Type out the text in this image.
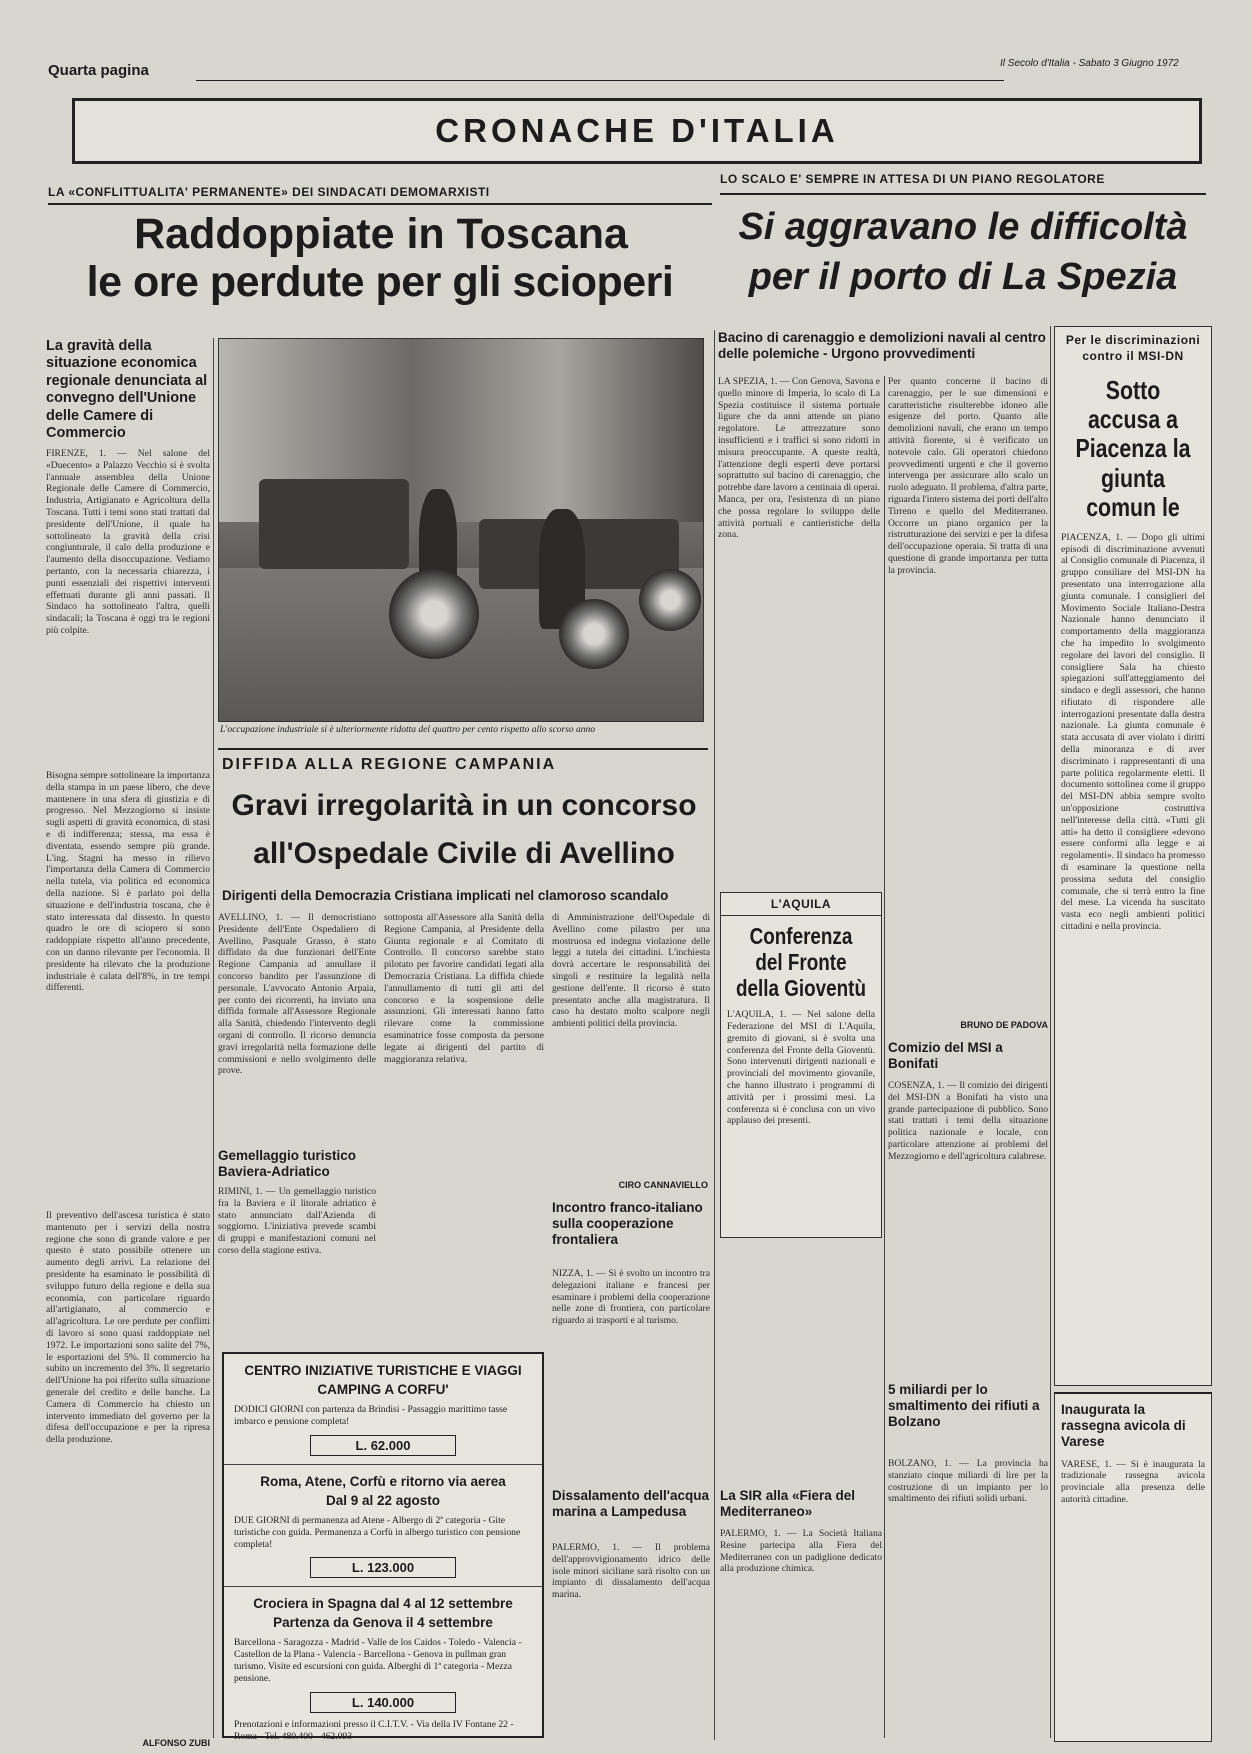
Quarta pagina	Il Secolo d'Italia - Sabato 3 Giugno 1972
CRONACHE D'ITALIA
LA «CONFLITTUALITA' PERMANENTE» DEI SINDACATI DEMOMARXISTI
Raddoppiate in Toscana
le ore perdute per gli scioperi
La gravità della situazione economica regionale denunciata al convegno dell'Unione delle Camere di Commercio
FIRENZE, 1. — Nel salone del «Duecento» a Palazzo Vecchio si è svolta l'annuale assemblea della Unione Regionale delle Camere di Commercio, Industria, Artigianato e Agricoltura della Toscana. Tutti i temi sono stati trattati dal presidente dell'Unione, il quale ha sottolineato la gravità della crisi congiunturale, il calo della produzione e l'aumento della disoccupazione. Vediamo pertanto, con la necessaria chiarezza, i punti essenziali dei rispettivi interventi effettuati durante gli anni passati. Il Sindaco ha sottolineato l'altra, quelli sindacali; la Toscana è oggi tra le regioni più colpite.
Bisogna sempre sottolineare la importanza della stampa in un paese libero, che deve mantenere in una sfera di giustizia e di progresso. Nel Mezzogiorno si insiste sugli aspetti di gravità economica, di stasi e di indifferenza; stessa, ma essa è diventata, essendo sempre più grande. L'ing. Stagni ha messo in rilievo l'importanza della Camera di Commercio nella tutela, via politica ed economica della nazione. Si è parlato poi della situazione e dell'industria toscana, che è stato interessata dal dissesto. In questo quadro le ore di sciopero si sono raddoppiate rispetto all'anno precedente, con un danno rilevante per l'economia. Il presidente ha rilevato che la produzione industriale è calata dell'8%, in tre tempi differenti.
Il preventivo dell'ascesa turistica è stato mantenuto per i servizi della nostra regione che sono di grande valore e per questo è stato possibile ottenere un aumento degli arrivi. La relazione del presidente ha esaminato le possibilità di sviluppo futuro della regione e della sua economia, con particolare riguardo all'artigianato, al commercio e all'agricoltura. Le ore perdute per conflitti di lavoro si sono quasi raddoppiate nel 1972. Le importazioni sono salite del 7%, le esportazioni del 5%. Il commercio ha subito un incremento del 3%. Il segretario dell'Unione ha poi riferito sulla situazione generale del credito e delle banche. La Camera di Commercio ha chiesto un intervento immediato del governo per la difesa dell'occupazione e per la ripresa della produzione.
ALFONSO ZUBI
L'occupazione industriale si è ulteriormente ridotta del quattro per cento rispetto allo scorso anno
LO SCALO E' SEMPRE IN ATTESA DI UN PIANO REGOLATORE
Si aggravano le difficoltà
per il porto di La Spezia
Bacino di carenaggio e demolizioni navali al centro delle polemiche - Urgono provvedimenti
LA SPEZIA, 1. — Con Genova, Savona e quello minore di Imperia, lo scalo di La Spezia costituisce il sistema portuale ligure che da anni attende un piano regolatore. Le attrezzature sono insufficienti e i traffici si sono ridotti in misura preoccupante. A queste realtà, l'attenzione degli esperti deve portarsi soprattutto sul bacino di carenaggio, che potrebbe dare lavoro a centinaia di operai. Manca, per ora, l'esistenza di un piano che possa regolare lo sviluppo delle attività portuali e cantieristiche della zona.
Per quanto concerne il bacino di carenaggio, per le sue dimensioni e caratteristiche risulterebbe idoneo alle esigenze del porto. Quanto alle demolizioni navali, che erano un tempo attività fiorente, si è verificato un notevole calo. Gli operatori chiedono provvedimenti urgenti e che il governo intervenga per assicurare allo scalo un ruolo adeguato. Il problema, d'altra parte, riguarda l'intero sistema dei porti dell'alto Tirreno e quello del Mediterraneo. Occorre un piano organico per la ristrutturazione dei servizi e per la difesa dell'occupazione operaia. Si tratta di una questione di grande importanza per tutta la provincia.
BRUNO DE PADOVA
Per le discriminazioni contro il MSI-DN
Sotto accusa a Piacenza la giunta comun le
PIACENZA, 1. — Dopo gli ultimi episodi di discriminazione avvenuti al Consiglio comunale di Piacenza, il gruppo consiliare del MSI-DN ha presentato una interrogazione alla giunta comunale. I consiglieri del Movimento Sociale Italiano-Destra Nazionale hanno denunciato il comportamento della maggioranza che ha impedito lo svolgimento regolare dei lavori del consiglio. Il consigliere Sala ha chiesto spiegazioni sull'atteggiamento del sindaco e degli assessori, che hanno rifiutato di rispondere alle interrogazioni presentate dalla destra nazionale. La giunta comunale è stata accusata di aver violato i diritti della minoranza e di aver discriminato i rappresentanti di una parte politica regolarmente eletti. Il documento sottolinea come il gruppo del MSI-DN abbia sempre svolto un'opposizione costruttiva nell'interesse della città. «Tutti gli atti» ha detto il consigliere «devono essere conformi alla legge e ai regolamenti». Il sindaco ha promesso di esaminare la questione nella prossima seduta del consiglio comunale, che si terrà entro la fine del mese. La vicenda ha suscitato vasta eco negli ambienti politici cittadini e nella provincia.
Inaugurata la rassegna avicola di Varese
VARESE, 1. — Si è inaugurata la tradizionale rassegna avicola provinciale alla presenza delle autorità cittadine.
DIFFIDA ALLA REGIONE CAMPANIA
Gravi irregolarità in un concorso
all'Ospedale Civile di Avellino
Dirigenti della Democrazia Cristiana implicati nel clamoroso scandalo
AVELLINO, 1. — Il democristiano Presidente dell'Ente Ospedaliero di Avellino, Pasquale Grasso, è stato diffidato da due funzionari dell'Ente Regione Campania ad annullare il concorso bandito per l'assunzione di personale. L'avvocato Antonio Arpaia, per conto dei ricorrenti, ha inviato una diffida formale all'Assessore Regionale alla Sanità, chiedendo l'intervento degli organi di controllo. Il ricorso denuncia gravi irregolarità nella formazione delle commissioni e nello svolgimento delle prove.
sottoposta all'Assessore alla Sanità della Regione Campania, al Presidente della Giunta regionale e al Comitato di Controllo. Il concorso sarebbe stato pilotato per favorire candidati legati alla Democrazia Cristiana. La diffida chiede l'annullamento di tutti gli atti del concorso e la sospensione delle assunzioni. Gli interessati hanno fatto rilevare come la commissione esaminatrice fosse composta da persone legate ai dirigenti del partito di maggioranza relativa.
di Amministrazione dell'Ospedale di Avellino come pilastro per una mostruosa ed indegna violazione delle leggi a tutela dei cittadini. L'inchiesta dovrà accertare le responsabilità dei singoli e restituire la legalità nella gestione dell'ente. Il ricorso è stato presentato anche alla magistratura. Il caso ha destato molto scalpore negli ambienti politici della provincia.
CIRO CANNAVIELLO
Gemellaggio turistico Baviera-Adriatico
RIMINI, 1. — Un gemellaggio turistico fra la Baviera e il litorale adriatico è stato annunciato dall'Azienda di soggiorno. L'iniziativa prevede scambi di gruppi e manifestazioni comuni nel corso della stagione estiva.
CENTRO INIZIATIVE TURISTICHE E VIAGGI
CAMPING A CORFU'
DODICI GIORNI con partenza da Brindisi - Passaggio marittimo tasse imbarco e pensione completa!
L. 62.000
Roma, Atene, Corfù e ritorno via aerea
Dal 9 al 22 agosto
DUE GIORNI di permanenza ad Atene - Albergo di 2ª categoria - Gite turistiche con guida. Permanenza a Corfù in albergo turistico con pensione completa!
L. 123.000
Crociera in Spagna dal 4 al 12 settembre
Partenza da Genova il 4 settembre
Barcellona - Saragozza - Madrid - Valle de los Caidos - Toledo - Valencia - Castellon de la Plana - Valencia - Barcellona - Genova in pullman gran turismo. Visite ed escursioni con guida. Alberghi di 1ª categoria - Mezza pensione.
L. 140.000
Prenotazioni e informazioni presso il C.I.T.V. - Via della IV Fontane 22 - Roma - Tel. 480.400 - 462.093
Incontro franco-italiano sulla cooperazione frontaliera
NIZZA, 1. — Si è svolto un incontro tra delegazioni italiane e francesi per esaminare i problemi della cooperazione nelle zone di frontiera, con particolare riguardo ai trasporti e al turismo.
Dissalamento dell'acqua marina a Lampedusa
PALERMO, 1. — Il problema dell'approvvigionamento idrico delle isole minori siciliane sarà risolto con un impianto di dissalamento dell'acqua marina.
L'AQUILA
Conferenza del Fronte della Gioventù
L'AQUILA, 1. — Nel salone della Federazione del MSI di L'Aquila, gremito di giovani, si è svolta una conferenza del Fronte della Gioventù. Sono intervenuti dirigenti nazionali e provinciali del movimento giovanile, che hanno illustrato i programmi di attività per i prossimi mesi. La conferenza si è conclusa con un vivo applauso dei presenti.
Comizio del MSI a Bonifati
COSENZA, 1. — Il comizio dei dirigenti del MSI-DN a Bonifati ha visto una grande partecipazione di pubblico. Sono stati trattati i temi della situazione politica nazionale e locale, con particolare attenzione ai problemi del Mezzogiorno e dell'agricoltura calabrese.
5 miliardi per lo smaltimento dei rifiuti a Bolzano
BOLZANO, 1. — La provincia ha stanziato cinque miliardi di lire per la costruzione di un impianto per lo smaltimento dei rifiuti solidi urbani.
La SIR alla «Fiera del Mediterraneo»
PALERMO, 1. — La Società Italiana Resine partecipa alla Fiera del Mediterraneo con un padiglione dedicato alla produzione chimica.
